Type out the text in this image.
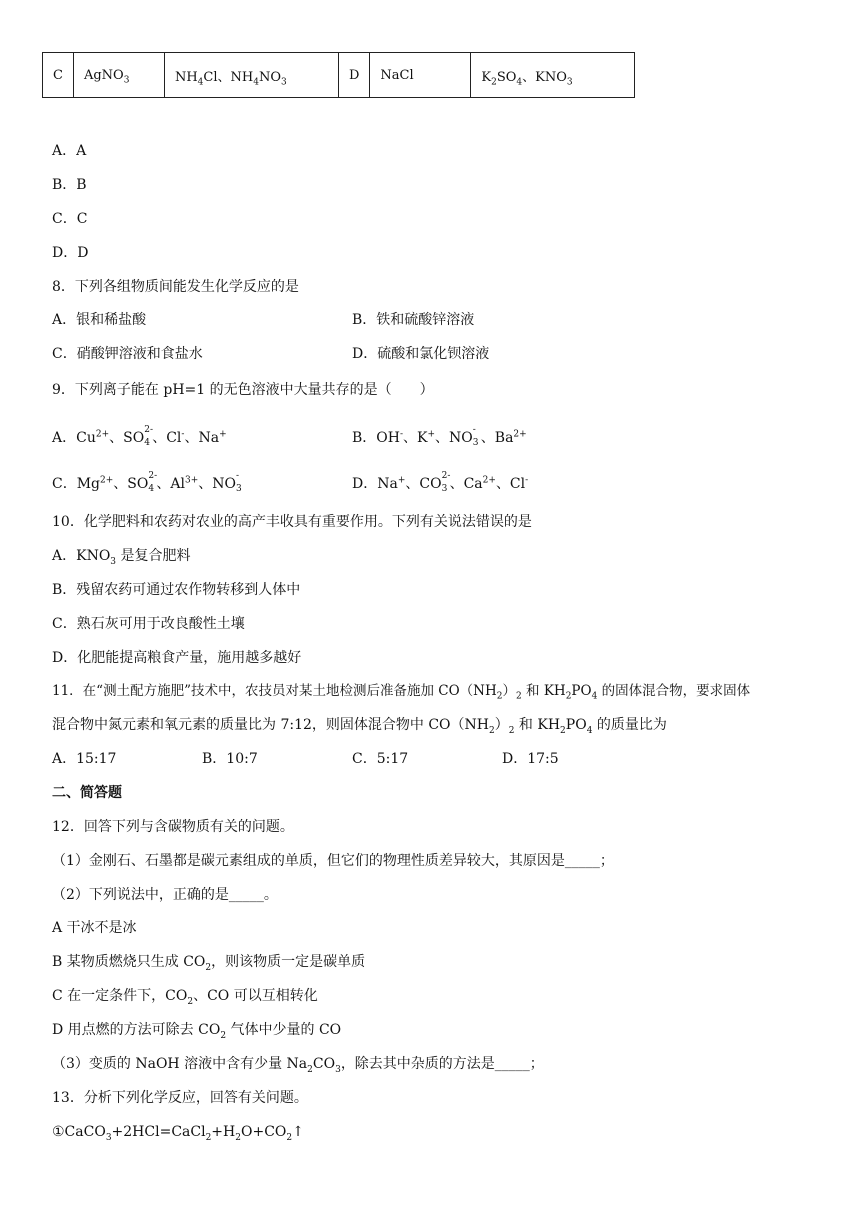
C	AgNO$_3$	$NH_4Cl$、$NH_4NO_3$	D	NaCl	$K_2SO_4$、$KNO_3$
A．A
B．B
C．C
D．D
8．下列各组物质间能发生化学反应的是
A．银和稀盐酸	B．铁和硫酸锌溶液
C．硝酸钾溶液和食盐水	D．硫酸和氯化钡溶液
9．下列离子能在 pH=1 的无色溶液中大量共存的是（　　）
A．$Cu^{2+}$、SO 2-
4 、Cl-、Na+	B．OH-、K+、NO -
3 、$Ba^{2+}$
C．$Mg^{2+}$、SO 2-
4 、$Al^{3+}$、NO -
3	D．Na+、CO 2-
3 、$Ca^{2+}$、Cl-
10．化学肥料和农药对农业的高产丰收具有重要作用。下列有关说法错误的是
A．$KNO_3$ 是复合肥料
B．残留农药可通过农作物转移到人体中
C．熟石灰可用于改良酸性土壤
D．化肥能提高粮食产量，施用越多越好
11．在“测土配方施肥”技术中，农技员对某土地检测后准备施加 $CO(NH_2)_2$ 和 $KH_2PO_4$ 的固体混合物，要求固体
混合物中氮元素和氧元素的质量比为 7:12，则固体混合物中 $CO(NH_2)_2$ 和 $KH_2PO_4$ 的质量比为
A．15:17	B．10:7	C．5:17	D．17:5
二、简答题
12．回答下列与含碳物质有关的问题。
（1）金刚石、石墨都是碳元素组成的单质，但它们的物理性质差异较大，其原因是_____；
（2）下列说法中，正确的是_____。
A 干冰不是冰
B 某物质燃烧只生成 $CO_2$，则该物质一定是碳单质
C 在一定条件下，$CO_2$、CO 可以互相转化
D 用点燃的方法可除去 $CO_2$ 气体中少量的 CO
（3）变质的 NaOH 溶液中含有少量 $Na_2CO_3$，除去其中杂质的方法是_____；
13．分析下列化学反应，回答有关问题。
$①CaCO_3+2HCl=CaCl_2+H_2O+CO_2↑$
